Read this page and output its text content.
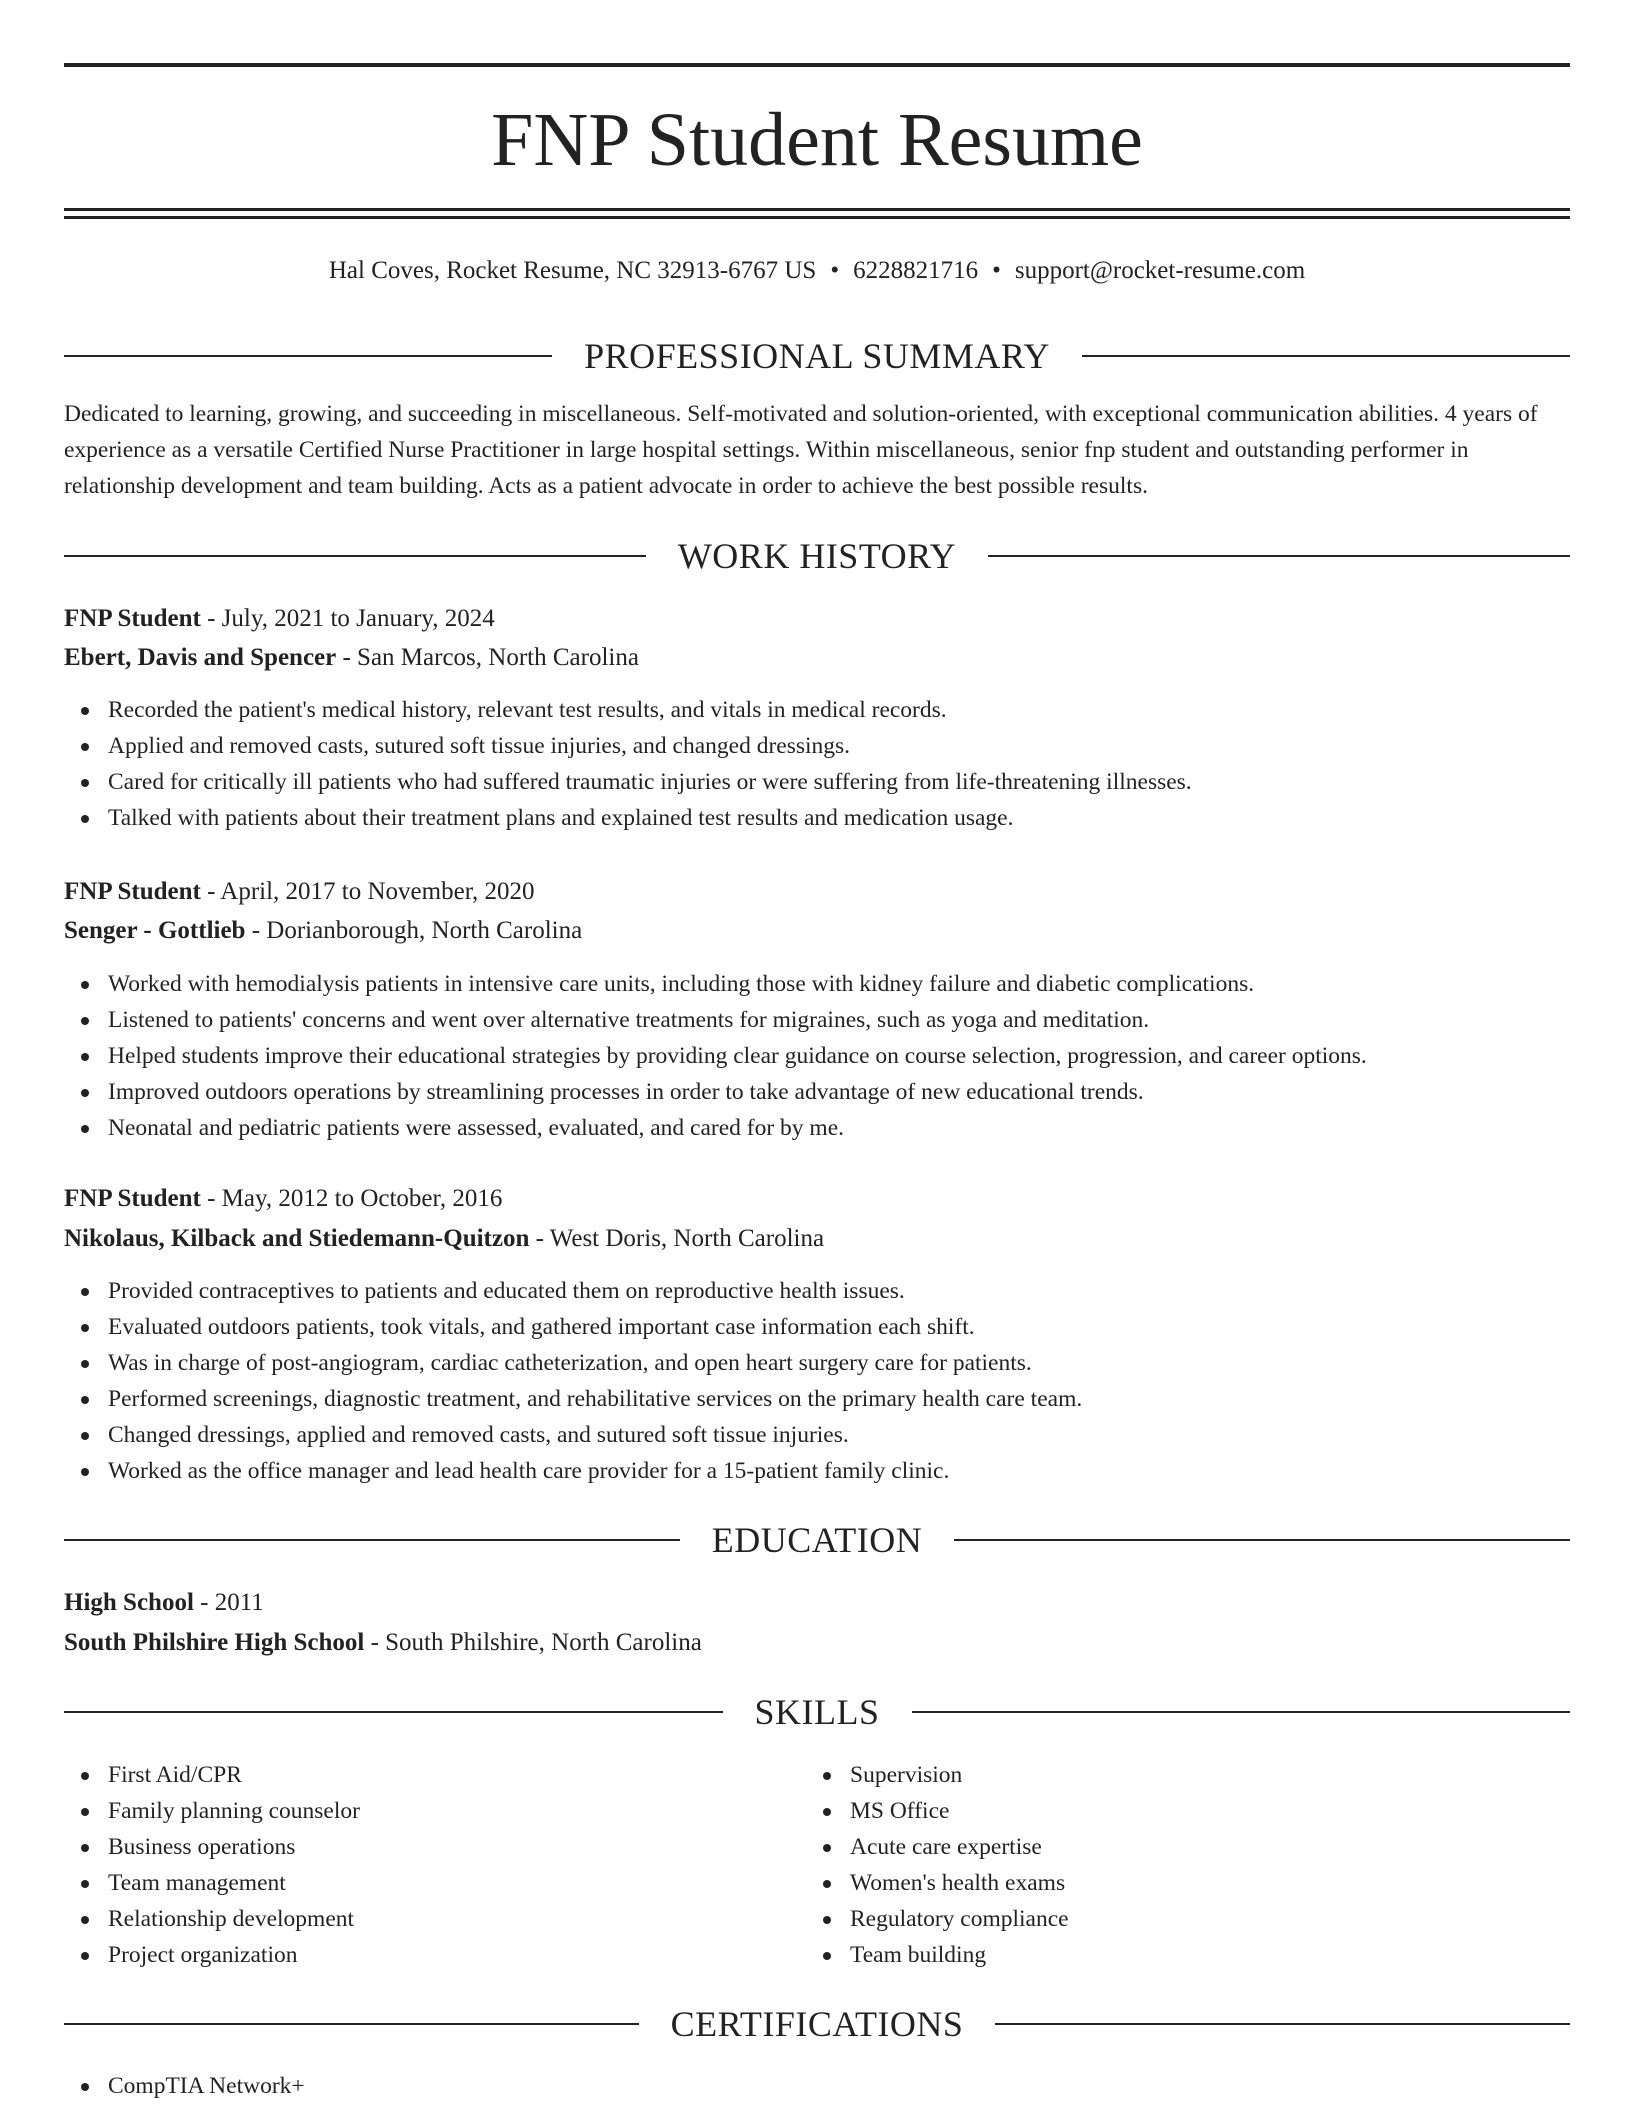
FNP Student Resume
Hal Coves, Rocket Resume, NC 32913-6767 US • 6228821716 • support@rocket-resume.com
PROFESSIONAL SUMMARY

Dedicated to learning, growing, and succeeding in miscellaneous. Self-motivated and solution-oriented, with exceptional communication abilities. 4 years of experience as a versatile Certified Nurse Practitioner in large hospital settings. Within miscellaneous, senior fnp student and outstanding performer in relationship development and team building. Acts as a patient advocate in order to achieve the best possible results.

WORK HISTORY
FNP Student - July, 2021 to January, 2024
Ebert, Davis and Spencer - San Marcos, North Carolina
Recorded the patient's medical history, relevant test results, and vitals in medical records.
Applied and removed casts, sutured soft tissue injuries, and changed dressings.
Cared for critically ill patients who had suffered traumatic injuries or were suffering from life-threatening illnesses.
Talked with patients about their treatment plans and explained test results and medication usage.
FNP Student - April, 2017 to November, 2020
Senger - Gottlieb - Dorianborough, North Carolina
Worked with hemodialysis patients in intensive care units, including those with kidney failure and diabetic complications.
Listened to patients' concerns and went over alternative treatments for migraines, such as yoga and meditation.
Helped students improve their educational strategies by providing clear guidance on course selection, progression, and career options.
Improved outdoors operations by streamlining processes in order to take advantage of new educational trends.
Neonatal and pediatric patients were assessed, evaluated, and cared for by me.
FNP Student - May, 2012 to October, 2016
Nikolaus, Kilback and Stiedemann-Quitzon - West Doris, North Carolina
Provided contraceptives to patients and educated them on reproductive health issues.
Evaluated outdoors patients, took vitals, and gathered important case information each shift.
Was in charge of post-angiogram, cardiac catheterization, and open heart surgery care for patients.
Performed screenings, diagnostic treatment, and rehabilitative services on the primary health care team.
Changed dressings, applied and removed casts, and sutured soft tissue injuries.
Worked as the office manager and lead health care provider for a 15-patient family clinic.
EDUCATION
High School - 2011
South Philshire High School - South Philshire, North Carolina
SKILLS
First Aid/CPR
Family planning counselor
Business operations
Team management
Relationship development
Project organization
Supervision
MS Office
Acute care expertise
Women's health exams
Regulatory compliance
Team building
CERTIFICATIONS
CompTIA Network+
